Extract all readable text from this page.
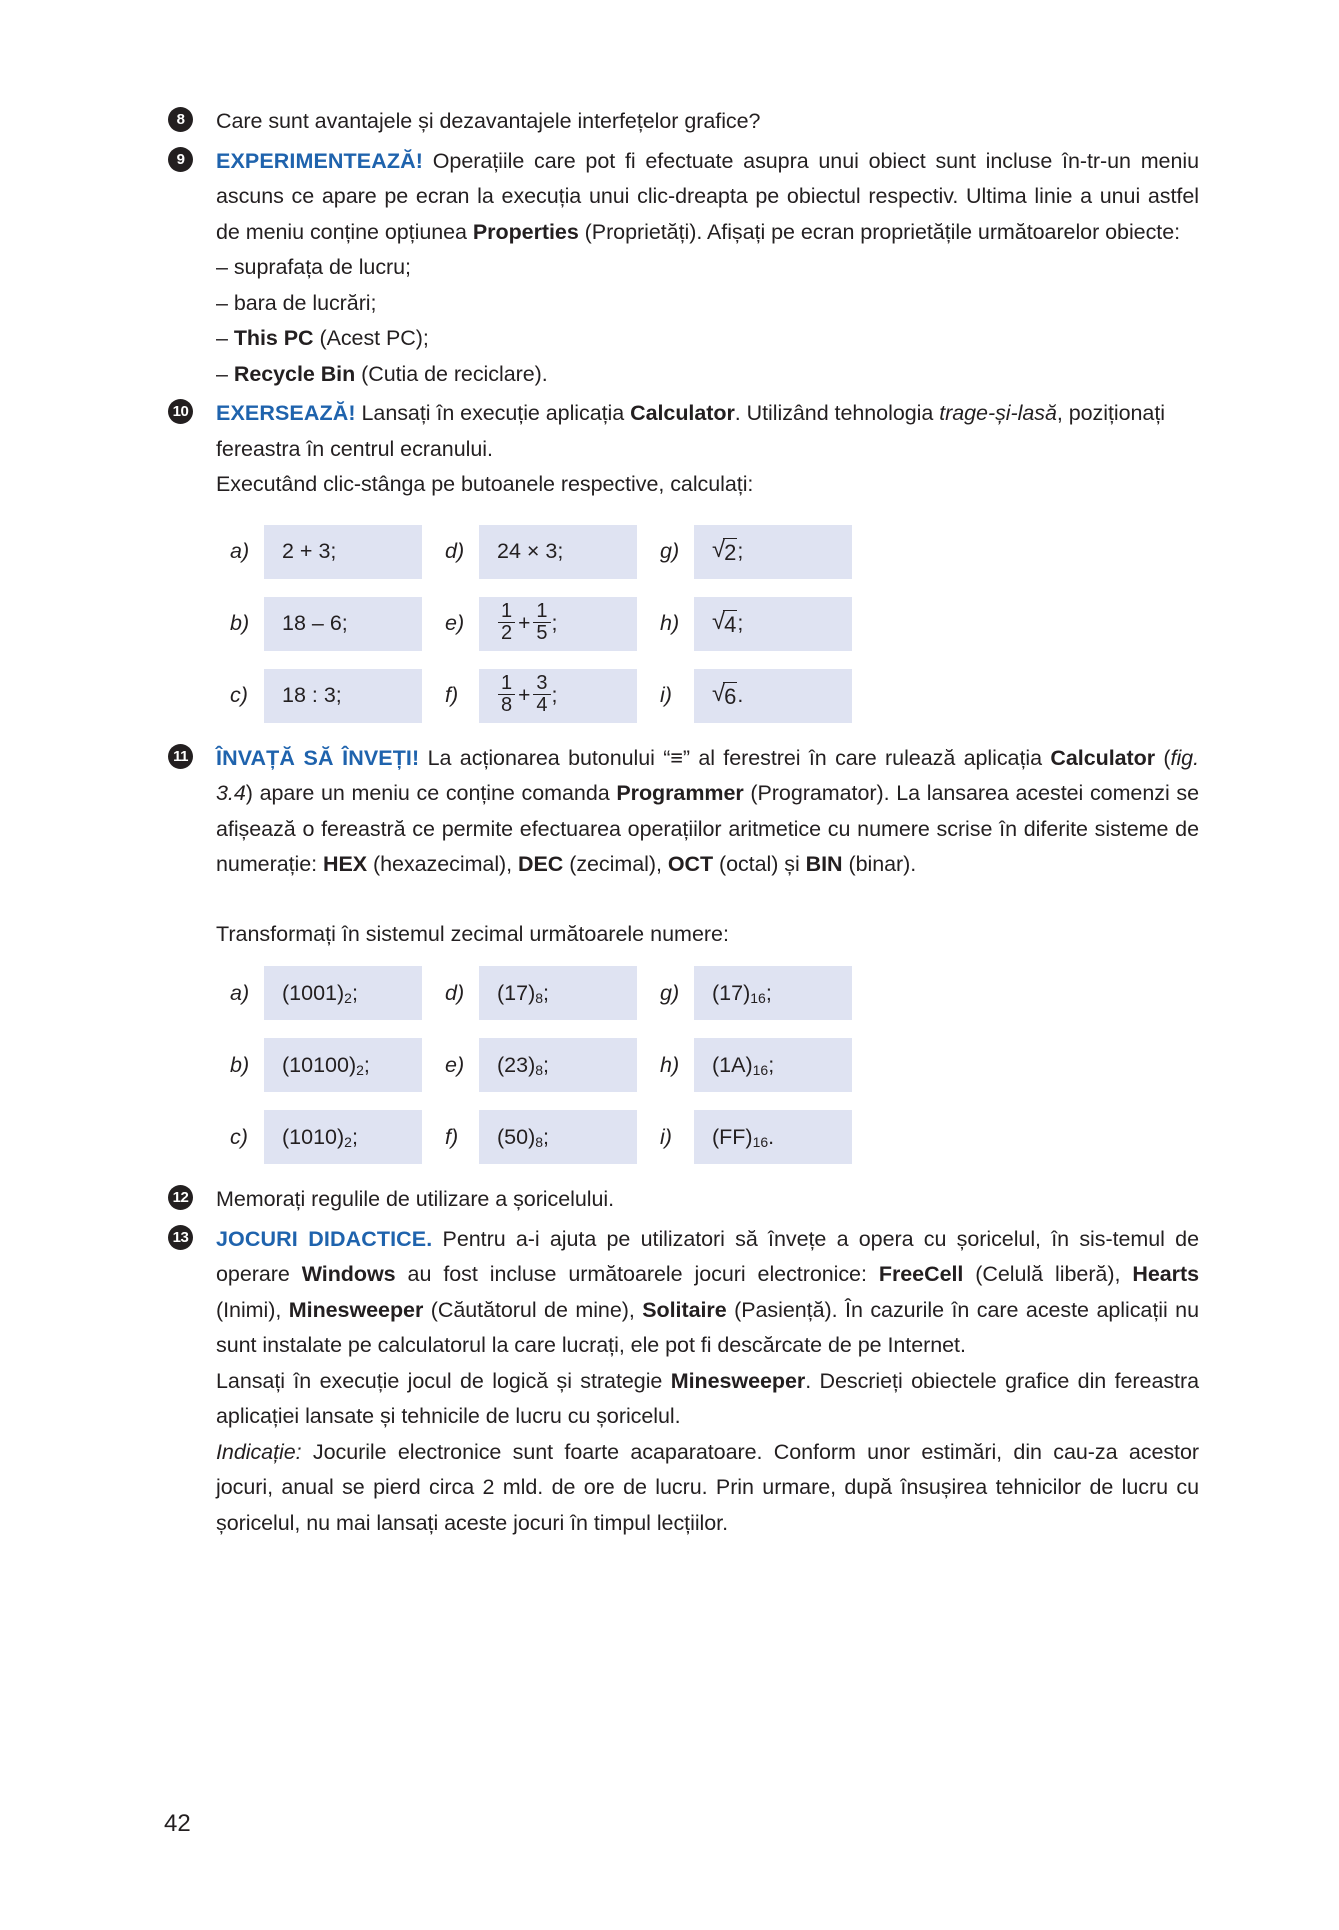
8	Care sunt avantajele și dezavantajele interfețelor grafice?
9	EXPERIMENTEAZĂ! Operațiile care pot fi efectuate asupra unui obiect sunt incluse în-tr-un meniu ascuns ce apare pe ecran la execuția unui clic-dreapta pe obiectul respectiv. Ultima linie a unui astfel de meniu conține opțiunea Properties (Proprietăți). Afișați pe ecran proprietățile următoarelor obiecte:
– suprafața de lucru;
– bara de lucrări;
– This PC (Acest PC);
– Recycle Bin (Cutia de reciclare).
10 EXERSEAZĂ! Lansați în execuție aplicația Calculator. Utilizând tehnologia trage-și-lasă, poziționați fereastra în centrul ecranului.
Executând clic-stânga pe butoanele respective, calculați:
a)	2 + 3;	d)	24 × 3;	g)	√ 2 ;
b)	18 – 6;	e)	$\frac{1}{2} + \frac{1}{5}$ ;	h)	√ 4 ;
c)	18 : 3;	f)	$\frac{1}{8} + \frac{3}{4}$ ;	i)	√ 6 .
11 ÎNVAȚĂ SĂ ÎNVEȚI! La acționarea butonului “≡” al ferestrei în care rulează aplicația Calculator (fig. 3.4) apare un meniu ce conține comanda Programmer (Programator). La lansarea acestei comenzi se afișează o fereastră ce permite efectuarea operațiilor aritmetice cu numere scrise în diferite sisteme de numerație: HEX (hexazecimal), DEC (zecimal), OCT (octal) și BIN (binar).
Transformați în sistemul zecimal următoarele numere:
a)	(1001) 2 ;	d)	(17) 8 ;	g)	(17) 16 ;
b)	(10100) 2 ;	e)	(23) 8 ;	h)	(1A) 16 ;
c)	(1010) 2 ;	f)	(50) 8 ;	i)	(FF) 16 .
12 Memorați regulile de utilizare a șoricelului.
13 JOCURI DIDACTICE. Pentru a-i ajuta pe utilizatori să învețe a opera cu șoricelul, în sis-temul de operare Windows au fost incluse următoarele jocuri electronice: FreeCell (Celulă liberă), Hearts (Inimi), Minesweeper (Căutătorul de mine), Solitaire (Pasiență). În cazurile în care aceste aplicații nu sunt instalate pe calculatorul la care lucrați, ele pot fi descărcate de pe Internet.
Lansați în execuție jocul de logică și strategie Minesweeper. Descrieți obiectele grafice din fereastra aplicației lansate și tehnicile de lucru cu șoricelul.
Indicație: Jocurile electronice sunt foarte acaparatoare. Conform unor estimări, din cau-za acestor jocuri, anual se pierd circa 2 mld. de ore de lucru. Prin urmare, după însușirea tehnicilor de lucru cu șoricelul, nu mai lansați aceste jocuri în timpul lecțiilor.
42
